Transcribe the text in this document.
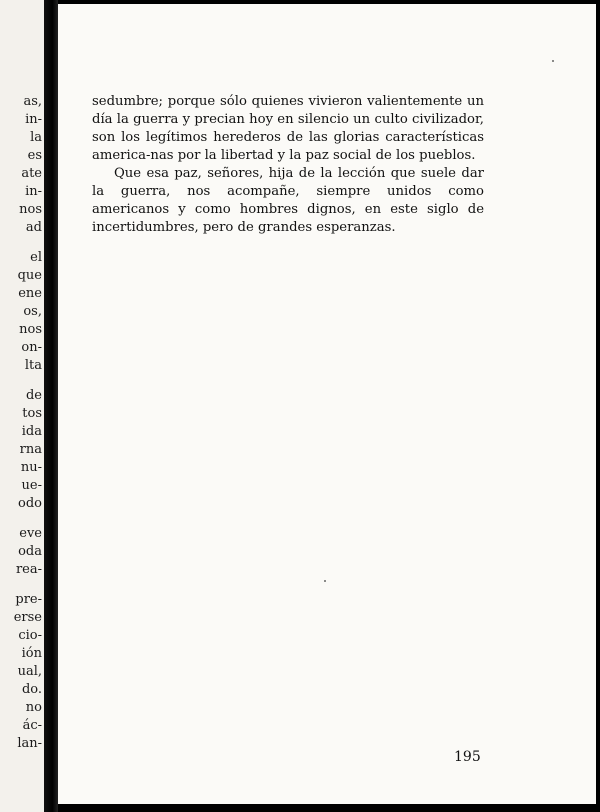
as,
in-
la
es
ate
in-
nos
ad
el
que
ene
os,
nos
on-
lta
de
tos
ida
rna
nu-
ue-
odo
eve
oda
rea-
pre-
erse
cio-
ión
ual,
do.
no
ác-
lan-

sedumbre; porque sólo quienes vivieron valientemente un día la guerra y precian hoy en silencio un culto civilizador, son los legítimos herederos de las glorias características america-nas por la libertad y la paz social de los pueblos.

Que esa paz, señores, hija de la lección que suele dar la guerra, nos acompañe, siempre unidos como americanos y como hombres dignos, en este siglo de incertidumbres, pero de grandes esperanzas.

195
